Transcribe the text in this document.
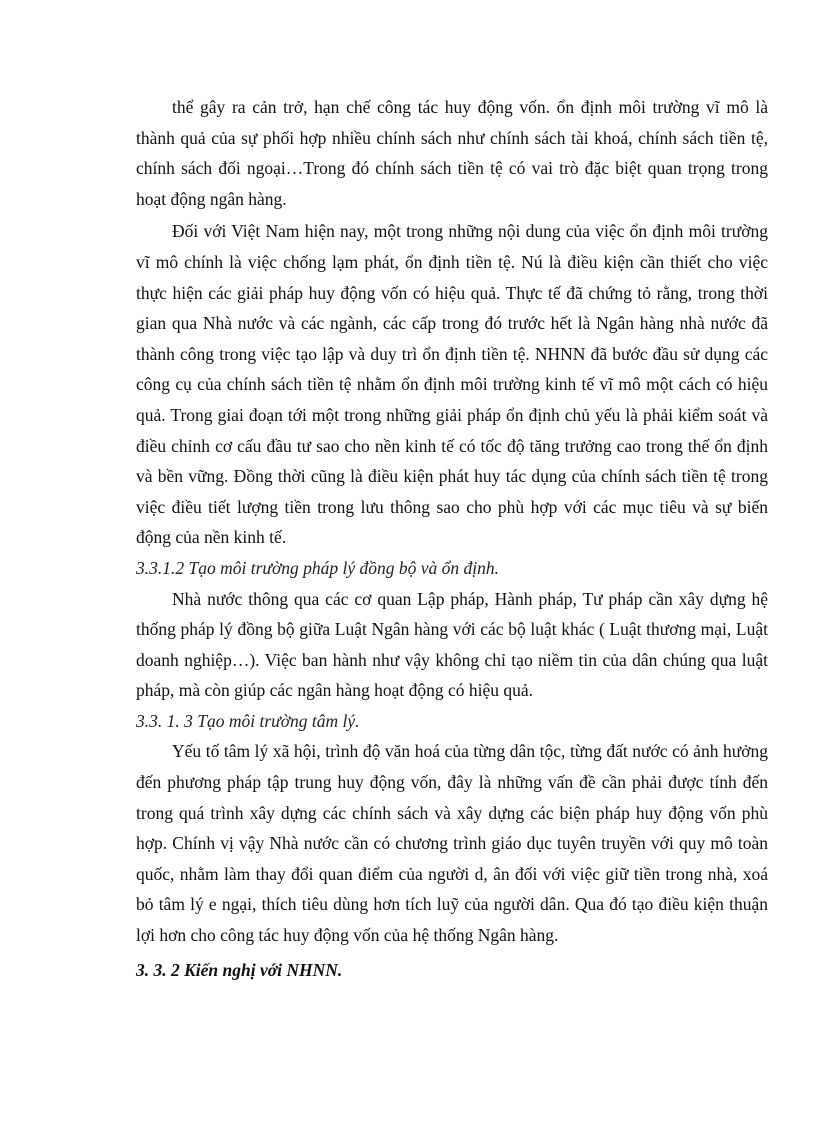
thể gây ra cản trở, hạn chế công tác huy động vốn. ổn định môi trường vĩ mô là thành quả của sự phối hợp nhiều chính sách như chính sách tài khoá, chính sách tiền tệ, chính sách đối ngoại…Trong đó chính sách tiền tệ có vai trò đặc biệt quan trọng trong hoạt động ngân hàng.

Đối với Việt Nam hiện nay, một trong những nội dung của việc ổn định môi trường vĩ mô chính là việc chống lạm phát, ổn định tiền tệ. Nú là điều kiện cần thiết cho việc thực hiện các giải pháp huy động vốn có hiệu quả. Thực tế đã chứng tỏ rằng, trong thời gian qua Nhà nước và các ngành, các cấp trong đó trước hết là Ngân hàng nhà nước đã thành công trong việc tạo lập và duy trì ổn định tiền tệ. NHNN đã bước đầu sử dụng các công cụ của chính sách tiền tệ nhằm ổn định môi trường kinh tế vĩ mô một cách có hiệu quả. Trong giai đoạn tới một trong những giải pháp ổn định chủ yếu là phải kiểm soát và điều chỉnh cơ cấu đầu tư sao cho nền kinh tế có tốc độ tăng trưởng cao trong thế ổn định và bền vững. Đồng thời cũng là điều kiện phát huy tác dụng của chính sách tiền tệ trong việc điều tiết lượng tiền trong lưu thông sao cho phù hợp với các mục tiêu và sự biến động của nền kinh tế.

3.3.1.2 Tạo môi trường pháp lý đồng bộ và ổn định.

Nhà nước thông qua các cơ quan Lập pháp, Hành pháp, Tư pháp cần xây dựng hệ thống pháp lý đồng bộ giữa Luật Ngân hàng với các bộ luật khác ( Luật thương mại, Luật doanh nghiệp…). Việc ban hành như vậy không chỉ tạo niềm tin của dân chúng qua luật pháp, mà còn giúp các ngân hàng hoạt động có hiệu quả.

3.3. 1. 3 Tạo môi trường tâm lý.

Yếu tố tâm lý xã hội, trình độ văn hoá của từng dân tộc, từng đất nước có ảnh hưởng đến phương pháp tập trung huy động vốn, đây là những vấn đề cần phải được tính đến trong quá trình xây dựng các chính sách và xây dựng các biện pháp huy động vốn phù hợp. Chính vị vậy Nhà nước cần có chương trình giáo dục tuyên truyền với quy mô toàn quốc, nhằm làm thay đổi quan điểm của người d, ân đối với việc giữ tiền trong nhà, xoá bỏ tâm lý e ngại, thích tiêu dùng hơn tích luỹ của người dân. Qua đó tạo điều kiện thuận lợi hơn cho công tác huy động vốn của hệ thống Ngân hàng.

3. 3. 2 Kiến nghị với NHNN.
